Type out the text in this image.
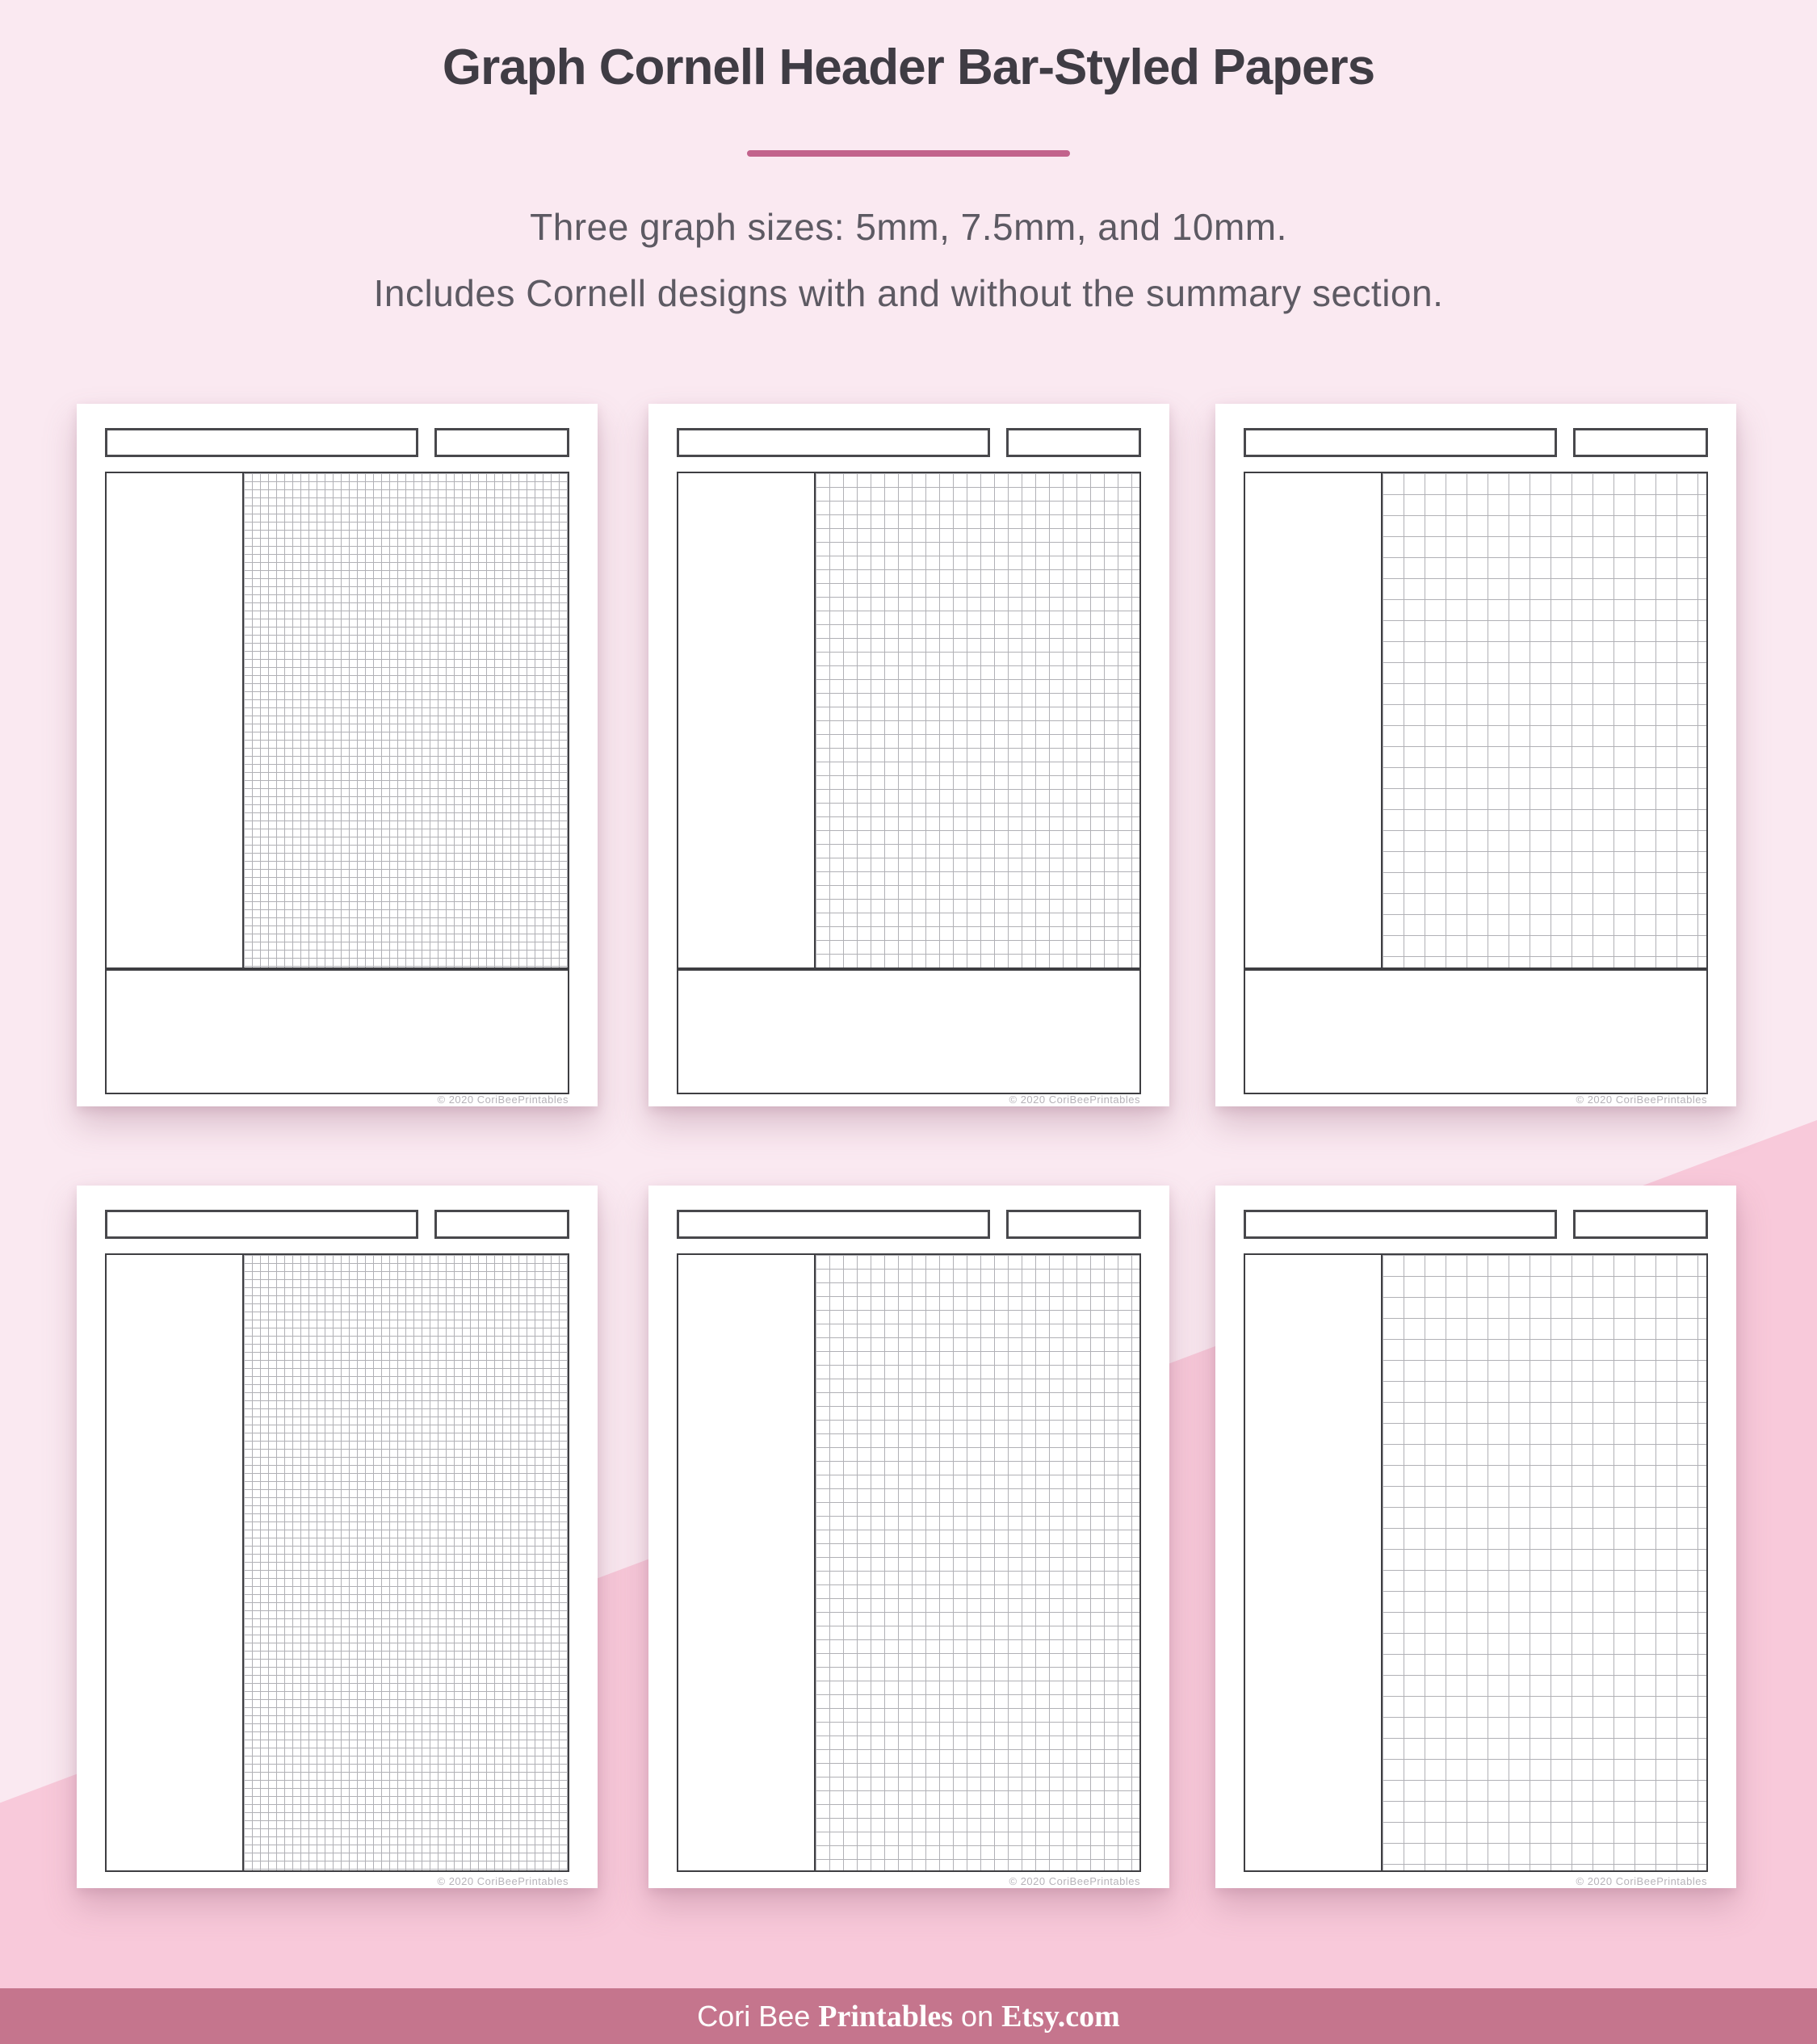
Graph Cornell Header Bar-Styled Papers
Three graph sizes: 5mm, 7.5mm, and 10mm.
Includes Cornell designs with and without the summary section.
© 2020 CoriBeePrintables	© 2020 CoriBeePrintables	© 2020 CoriBeePrintables
© 2020 CoriBeePrintables	© 2020 CoriBeePrintables	© 2020 CoriBeePrintables
Cori Bee Printables on Etsy.com
